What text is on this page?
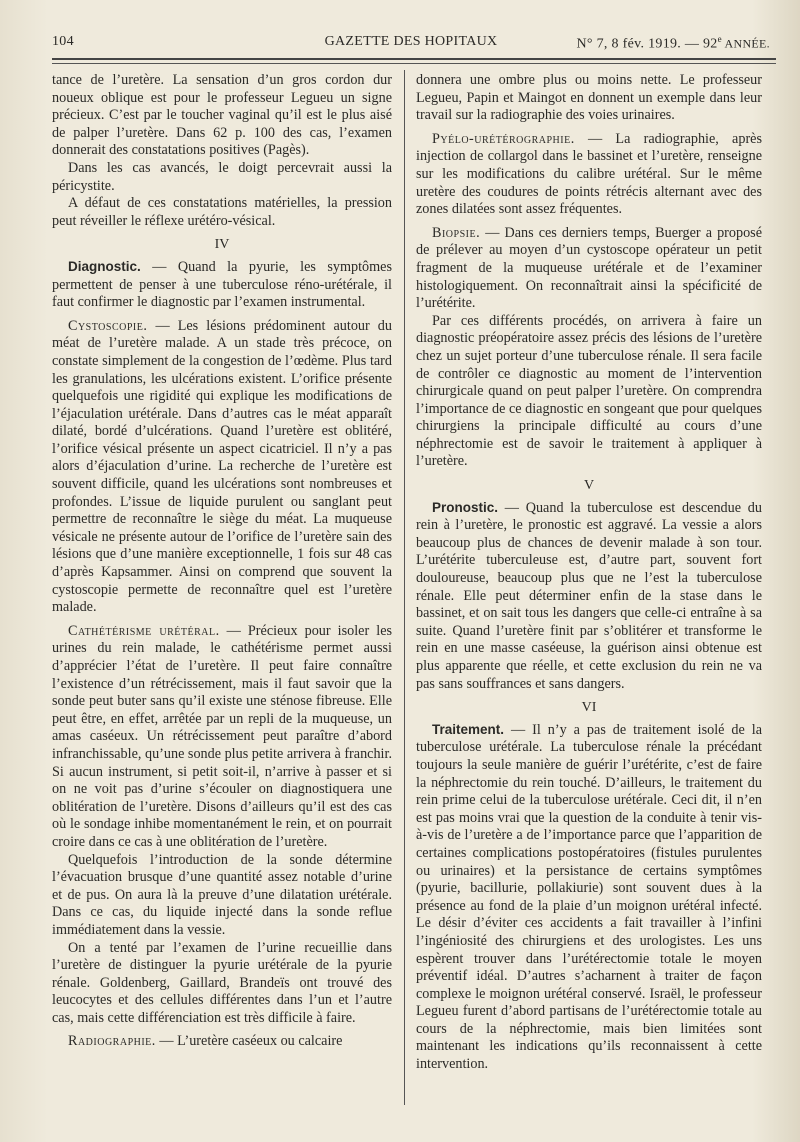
104	GAZETTE DES HOPITAUX	N° 7, 8 fév. 1919. — 92e ANNÉE.

tance de l’uretère. La sensation d’un gros cordon dur noueux oblique est pour le professeur Legueu un signe précieux. C’est par le toucher vaginal qu’il est le plus aisé de palper l’uretère. Dans 62 p. 100 des cas, l’examen donnerait des constatations positives (Pagès).

Dans les cas avancés, le doigt percevrait aussi la péricystite.

A défaut de ces constatations matérielles, la pression peut réveiller le réflexe urétéro-vésical.

IV

Diagnostic. — Quand la pyurie, les symptômes permettent de penser à une tuberculose réno-urétérale, il faut confirmer le diagnostic par l’examen instrumental.

Cystoscopie. — Les lésions prédominent autour du méat de l’uretère malade. A un stade très précoce, on constate simplement de la congestion de l’œdème. Plus tard les granulations, les ulcérations existent. L’orifice présente quelquefois une rigidité qui explique les modifications de l’éjaculation urétérale. Dans d’autres cas le méat apparaît dilaté, bordé d’ulcérations. Quand l’uretère est oblitéré, l’orifice vésical présente un aspect cicatriciel. Il n’y a pas alors d’éjaculation d’urine. La recherche de l’uretère est souvent difficile, quand les ulcérations sont nombreuses et profondes. L’issue de liquide purulent ou sanglant peut permettre de reconnaître le siège du méat. La muqueuse vésicale ne présente autour de l’orifice de l’uretère sain des lésions que d’une manière exceptionnelle, 1 fois sur 48 cas d’après Kapsammer. Ainsi on comprend que souvent la cystoscopie permette de reconnaître quel est l’uretère malade.

Cathétérisme urétéral. — Précieux pour isoler les urines du rein malade, le cathétérisme permet aussi d’apprécier l’état de l’uretère. Il peut faire connaître l’existence d’un rétrécissement, mais il faut savoir que la sonde peut buter sans qu’il existe une sténose fibreuse. Elle peut être, en effet, arrêtée par un repli de la muqueuse, un amas caséeux. Un rétrécissement peut paraître d’abord infranchissable, qu’une sonde plus petite arrivera à franchir. Si aucun instrument, si petit soit-il, n’arrive à passer et si on ne voit pas d’urine s’écouler on diagnostiquera une oblitération de l’uretère. Disons d’ailleurs qu’il est des cas où le sondage inhibe momentanément le rein, et on pourrait croire dans ce cas à une oblitération de l’uretère.

Quelquefois l’introduction de la sonde détermine l’évacuation brusque d’une quantité assez notable d’urine et de pus. On aura là la preuve d’une dilatation urétérale. Dans ce cas, du liquide injecté dans la sonde reflue immédiatement dans la vessie.

On a tenté par l’examen de l’urine recueillie dans l’uretère de distinguer la pyurie urétérale de la pyurie rénale. Goldenberg, Gaillard, Brandeïs ont trouvé des leucocytes et des cellules différentes dans l’un et l’autre cas, mais cette différenciation est très difficile à faire.

Radiographie. — L’uretère caséeux ou calcaire

donnera une ombre plus ou moins nette. Le professeur Legueu, Papin et Maingot en donnent un exemple dans leur travail sur la radiographie des voies urinaires.

Pyélo-urétérographie. — La radiographie, après injection de collargol dans le bassinet et l’uretère, renseigne sur les modifications du calibre urétéral. Sur le même uretère des coudures de points rétrécis alternant avec des zones dilatées sont assez fréquentes.

Biopsie. — Dans ces derniers temps, Buerger a proposé de prélever au moyen d’un cystoscope opérateur un petit fragment de la muqueuse urétérale et de l’examiner histologiquement. On reconnaîtrait ainsi la spécificité de l’urétérite.

Par ces différents procédés, on arrivera à faire un diagnostic préopératoire assez précis des lésions de l’uretère chez un sujet porteur d’une tuberculose rénale. Il sera facile de contrôler ce diagnostic au moment de l’intervention chirurgicale quand on peut palper l’uretère. On comprendra l’importance de ce diagnostic en songeant que pour quelques chirurgiens la principale difficulté au cours d’une néphrectomie est de savoir le traitement à appliquer à l’uretère.

V

Pronostic. — Quand la tuberculose est descendue du rein à l’uretère, le pronostic est aggravé. La vessie a alors beaucoup plus de chances de devenir malade à son tour. L’urétérite tuberculeuse est, d’autre part, souvent fort douloureuse, beaucoup plus que ne l’est la tuberculose rénale. Elle peut déterminer enfin de la stase dans le bassinet, et on sait tous les dangers que celle-ci entraîne à sa suite. Quand l’uretère finit par s’oblitérer et transforme le rein en une masse caséeuse, la guérison ainsi obtenue est plus apparente que réelle, et cette exclusion du rein ne va pas sans souffrances et sans dangers.

VI

Traitement. — Il n’y a pas de traitement isolé de la tuberculose urétérale. La tuberculose rénale la précédant toujours la seule manière de guérir l’urétérite, c’est de faire la néphrectomie du rein touché. D’ailleurs, le traitement du rein prime celui de la tuberculose urétérale. Ceci dit, il n’en est pas moins vrai que la question de la conduite à tenir vis-à-vis de l’uretère a de l’importance parce que l’apparition de certaines complications postopératoires (fistules purulentes ou urinaires) et la persistance de certains symptômes (pyurie, bacillurie, pollakiurie) sont souvent dues à la présence au fond de la plaie d’un moignon urétéral infecté. Le désir d’éviter ces accidents a fait travailler à l’infini l’ingéniosité des chirurgiens et des urologistes. Les uns espèrent trouver dans l’urétérectomie totale le moyen préventif idéal. D’autres s’acharnent à traiter de façon complexe le moignon urétéral conservé. Israël, le professeur Legueu furent d’abord partisans de l’urétérectomie totale au cours de la néphrectomie, mais bien limitées sont maintenant les indications qu’ils reconnaissent à cette intervention.
